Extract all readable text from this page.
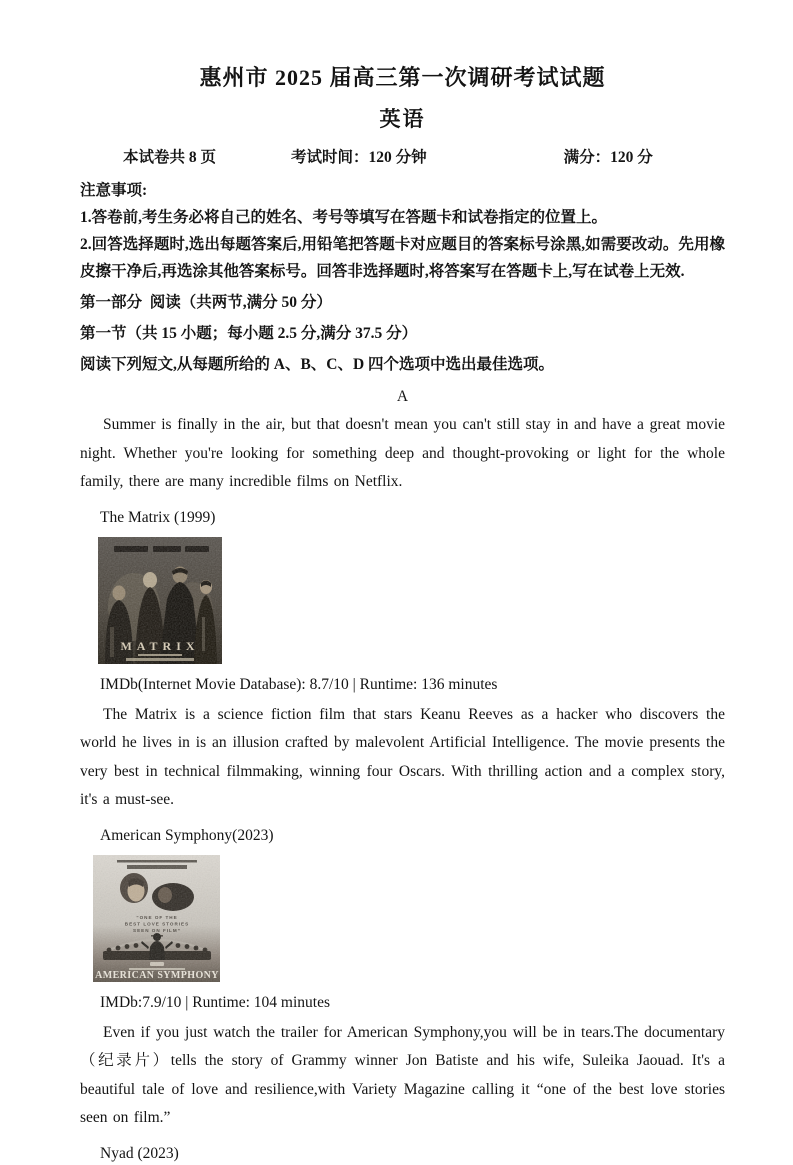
惠州市 2025 届高三第一次调研考试试题
英语
本试卷共 8 页	考试时间：120 分钟	满分：120 分
注意事项:

1.答卷前,考生务必将自己的姓名、考号等填写在答题卡和试卷指定的位置上。

2.回答选择题时,选出每题答案后,用铅笔把答题卡对应题目的答案标号涂黑,如需要改动。先用橡皮擦干净后,再选涂其他答案标号。回答非选择题时,将答案写在答题卡上,写在试卷上无效.

第一部分  阅读（共两节,满分 50 分）
第一节（共 15 小题；每小题 2.5 分,满分 37.5 分）
阅读下列短文,从每题所给的 A、B、C、D 四个选项中选出最佳选项。
A

Summer is finally in the air, but that doesn't mean you can't still stay in and have a great movie night. Whether you're looking for something deep and thought-provoking or light for the whole family, there are many incredible films on Netflix.

The Matrix (1999)

MATRIX

IMDb(Internet Movie Database): 8.7/10 | Runtime: 136 minutes

The Matrix is a science fiction film that stars Keanu Reeves as a hacker who discovers the world he lives in is an illusion crafted by malevolent Artificial Intelligence. The movie presents the very best in technical filmmaking, winning four Oscars. With thrilling action and a complex story, it's a must-see.

American Symphony(2023)

“ONE OF THE
BEST LOVE STORIES
SEEN ON FILM”
AMERICAN SYMPHONY

IMDb:7.9/10 | Runtime: 104 minutes

Even if you just watch the trailer for American Symphony,you will be in tears.The documentary（纪录片）tells the story of Grammy winner Jon Batiste and his wife, Suleika Jaouad. It's a beautiful tale of love and resilience,with Variety Magazine calling it “one of the best love stories seen on film.”

Nyad (2023)
